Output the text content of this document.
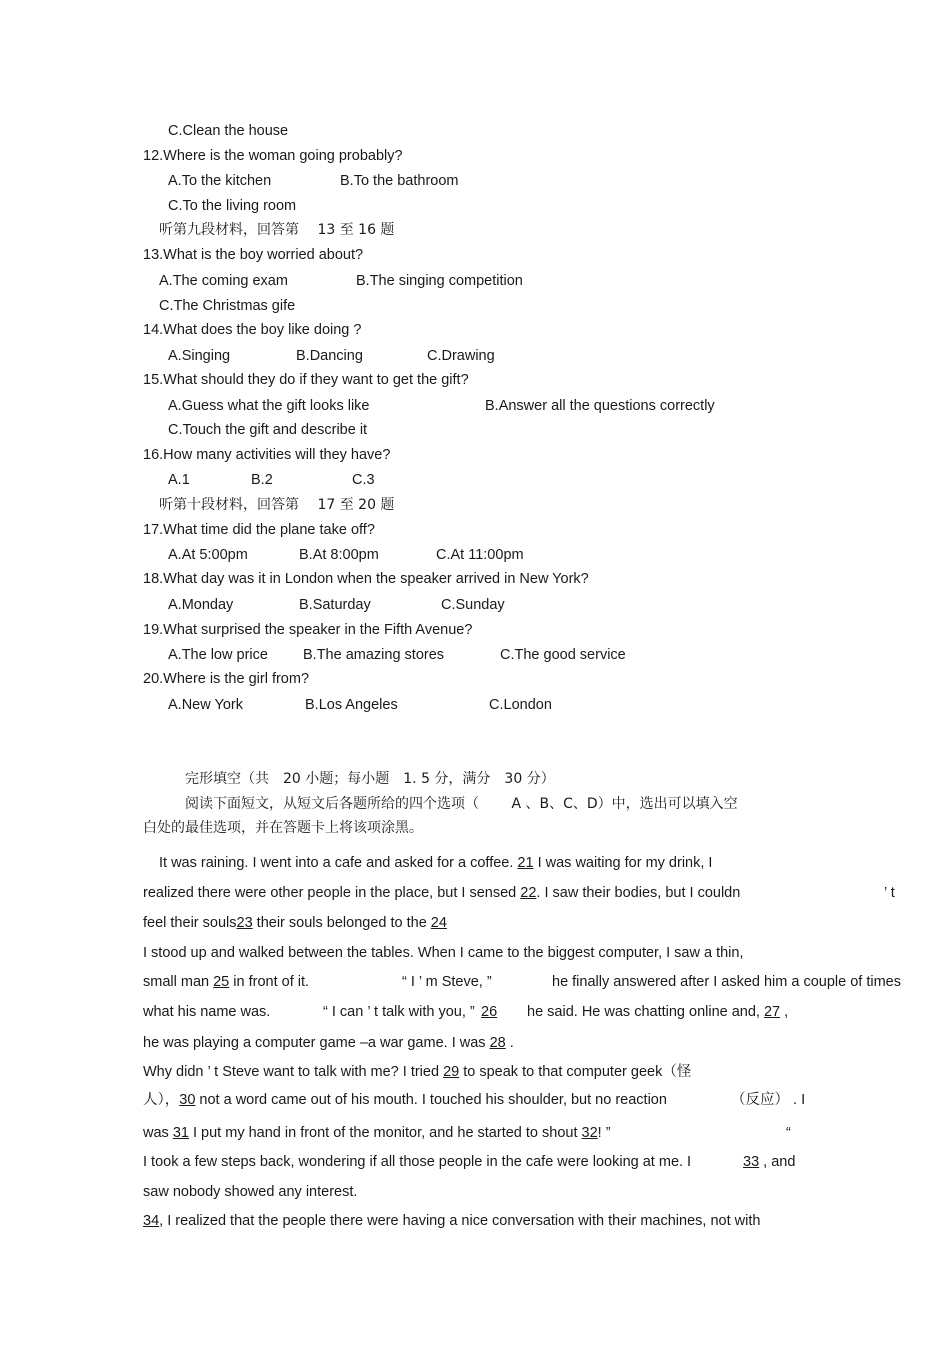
C.Clean the house
12.Where is the woman going probably?
A.To the kitchen	B.To the bathroom
C.To the living room
听第九段材料，回答第　 13 至 16 题
13.What is the boy worried about?
A.The coming exam	B.The singing competition
C.The Christmas gife
14.What does the boy like doing ?
A.Singing	B.Dancing	C.Drawing
15.What should they do if they want to get the gift?
A.Guess what the gift looks like	B.Answer all the questions correctly
C.Touch the gift and describe it
16.How many activities will they have?
A.1	B.2	C.3
听第十段材料，回答第　 17 至 20 题
17.What time did the plane take off?
A.At 5:00pm	B.At 8:00pm	C.At 11:00pm
18.What day was it in London when the speaker arrived in New York?
A.Monday	B.Saturday	C.Sunday
19.What surprised the speaker in the Fifth Avenue?
A.The low price B.The amazing stores	C.The good service
20.Where is the girl from?
A.New York	B.Los Angeles	C.London
完形填空（共　20 小题；每小题　1. 5 分，满分　30 分）
阅读下面短文，从短文后各题所给的四个选项（　　 A 、B、C、D）中，选出可以填入空
白处的最佳选项，并在答题卡上将该项涂黑。
It was raining. I went into a cafe and asked for a coffee. 21 I was waiting for my drink, I
realized there were other people in the place, but I sensed 22. I saw their bodies, but I couldn	’ t
feel their souls23 their souls belonged to the 24
I stood up and walked between the tables. When I came to the biggest computer, I saw a thin,
small man 25 in front of it.	“ I ’ m Steve, ”	he finally answered after I asked him a couple of times
what his name was.	“ I can ’ t talk with you, ” 26 he said. He was chatting online and, 27 ,
he was playing a computer game –a war game. I was 28 .
Why didn ’ t Steve want to talk with me? I tried 29 to speak to that computer geek（怪
人），30 not a word came out of his mouth. I touched his shoulder, but no reaction	（反应） . I
was 31 I put my hand in front of the monitor, and he started to shout 32! ”	“
I took a few steps back, wondering if all those people in the cafe were looking at me. I	33 , and
saw nobody showed any interest.
34, I realized that the people there were having a nice conversation with their machines, not with
